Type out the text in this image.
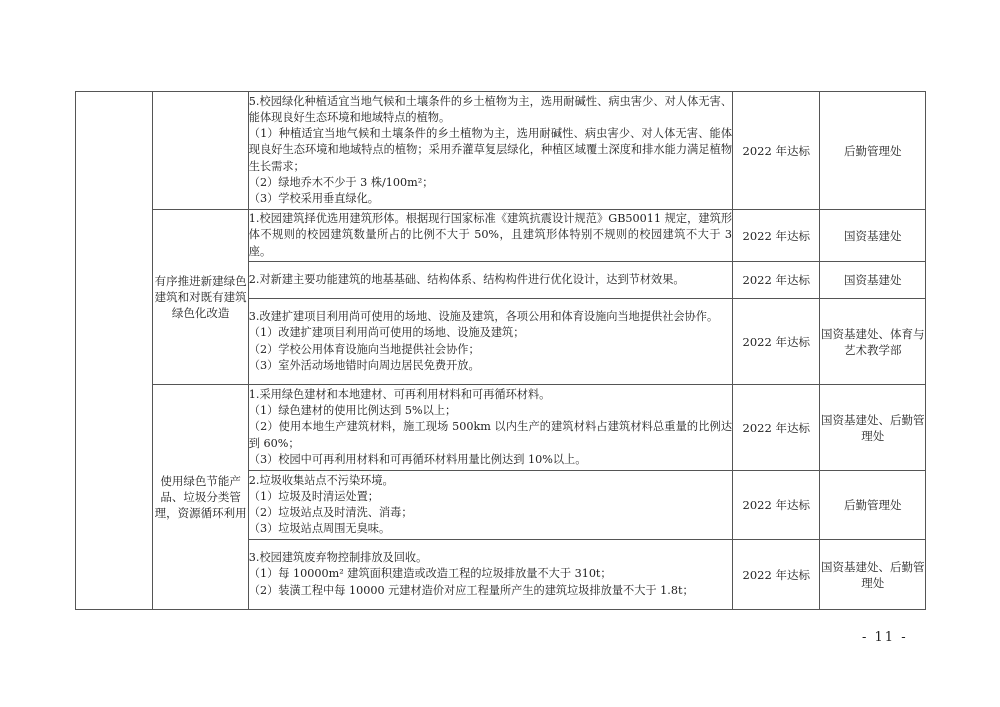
		5.校园绿化种植适宜当地气候和土壤条件的乡土植物为主，选用耐碱性、病虫害少、对人体无害、能体现良好生态环境和地域特点的植物。
（1）种植适宜当地气候和土壤条件的乡土植物为主，选用耐碱性、病虫害少、对人体无害、能体现良好生态环境和地域特点的植物；采用乔灌草复层绿化，种植区域覆土深度和排水能力满足植物生长需求；
（2）绿地乔木不少于 3 株/100m²；
（3）学校采用垂直绿化。	2022 年达标	后勤管理处
	有序推进新建绿色建筑和对既有建筑绿色化改造	1.校园建筑择优选用建筑形体。根据现行国家标准《建筑抗震设计规范》GB50011 规定，建筑形体不规则的校园建筑数量所占的比例不大于 50%，且建筑形体特别不规则的校园建筑不大于 3 座。	2022 年达标	国资基建处

		2.对新建主要功能建筑的地基基础、结构体系、结构构件进行优化设计，达到节材效果。	2022 年达标	国资基建处

		3.改建扩建项目利用尚可使用的场地、设施及建筑，各项公用和体育设施向当地提供社会协作。
（1）改建扩建项目利用尚可使用的场地、设施及建筑；
（2）学校公用体育设施向当地提供社会协作；
（3）室外活动场地错时向周边居民免费开放。	2022 年达标	国资基建处、体育与艺术教学部
	使用绿色节能产品、垃圾分类管理，资源循环利用	1.采用绿色建材和本地建材、可再利用材料和可再循环材料。
（1）绿色建材的使用比例达到 5%以上；
（2）使用本地生产建筑材料，施工现场 500km 以内生产的建筑材料占建筑材料总重量的比例达到 60%；
（3）校园中可再利用材料和可再循环材料用量比例达到 10%以上。	2022 年达标	国资基建处、后勤管理处

		2.垃圾收集站点不污染环境。
（1）垃圾及时清运处置；
（2）垃圾站点及时清洗、消毒；
（3）垃圾站点周围无臭味。	2022 年达标	后勤管理处

		3.校园建筑废弃物控制排放及回收。
（1）每 10000m² 建筑面积建造或改造工程的垃圾排放量不大于 310t；
（2）装潢工程中每 10000 元建材造价对应工程量所产生的建筑垃圾排放量不大于 1.8t；	2022 年达标	国资基建处、后勤管理处
- 11 -
